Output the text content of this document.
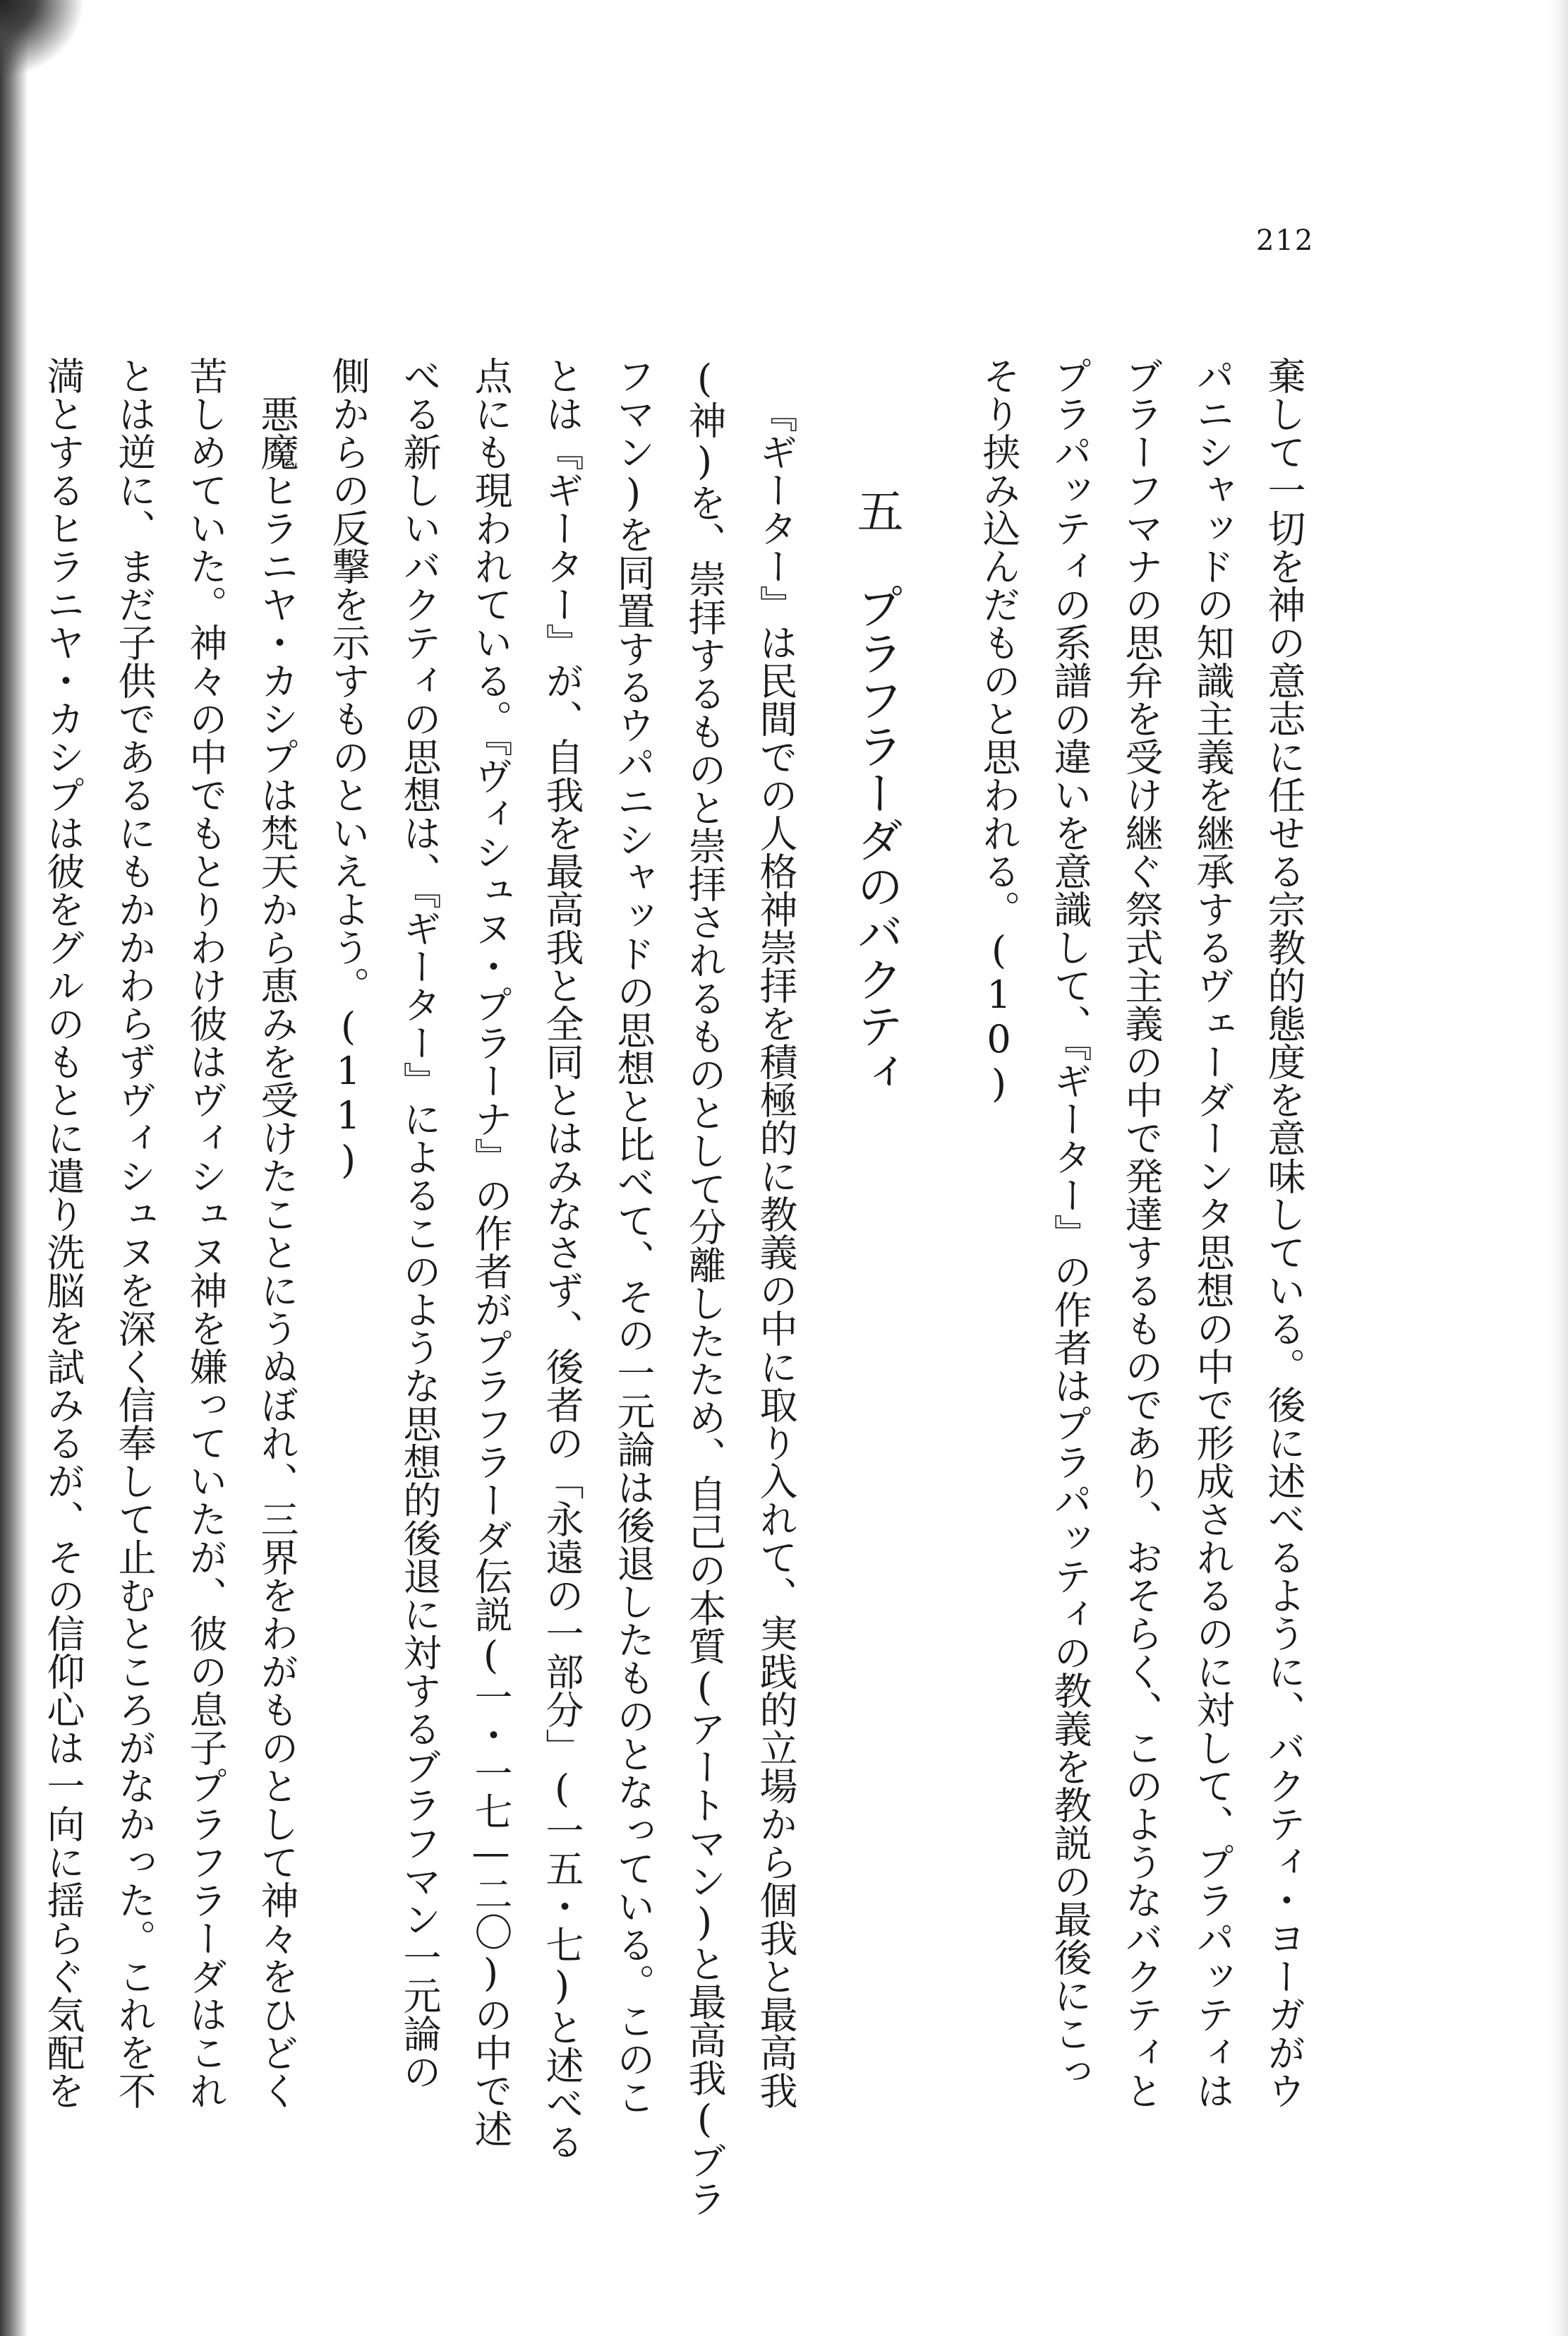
212
棄して一切を神の意志に任せる宗教的態度を意味している。後に述べるように、バクティ・ヨーガがウ
パニシャッドの知識主義を継承するヴェーダーンタ思想の中で形成されるのに対して、プラパッティは
ブラーフマナの思弁を受け継ぐ祭式主義の中で発達するものであり、おそらく、このようなバクティと
プラパッティの系譜の違いを意識して、『ギーター』の作者はプラパッティの教義を教説の最後にこっ
そり挟み込んだものと思われる。(10)
五プラフラーダのバクティ
『ギーター』は民間での人格神崇拝を積極的に教義の中に取り入れて、実践的立場から個我と最高我
(神)を、崇拝するものと崇拝されるものとして分離したため、自己の本質(アートマン)と最高我(ブラ
フマン)を同置するウパニシャッドの思想と比べて、その一元論は後退したものとなっている。このこ
とは『ギーター』が、自我を最高我と全同とはみなさず、後者の「永遠の一部分」(一五・七)と述べる
点にも現われている。『ヴィシュヌ・プラーナ』の作者がプラフラーダ伝説(一・一七—二〇)の中で述
べる新しいバクティの思想は、『ギーター』によるこのような思想的後退に対するブラフマン一元論の
側からの反撃を示すものといえよう。(11)
悪魔ヒラニヤ・カシプは梵天から恵みを受けたことにうぬぼれ、三界をわがものとして神々をひどく
苦しめていた。神々の中でもとりわけ彼はヴィシュヌ神を嫌っていたが、彼の息子プラフラーダはこれ
とは逆に、まだ子供であるにもかかわらずヴィシュヌを深く信奉して止むところがなかった。これを不
満とするヒラニヤ・カシプは彼をグルのもとに遣り洗脳を試みるが、その信仰心は一向に揺らぐ気配を
